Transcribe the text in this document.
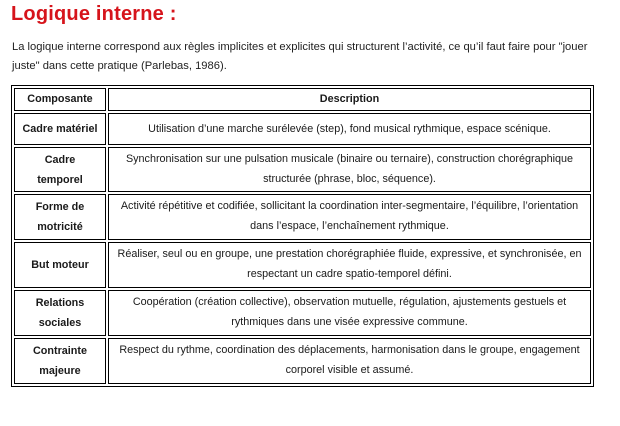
Logique interne :
La logique interne correspond aux règles implicites et explicites qui structurent l’activité, ce qu’il faut faire pour "jouer juste" dans cette pratique (Parlebas, 1986).
Composante	Description
Cadre matériel	Utilisation d’une marche surélevée (step), fond musical rythmique, espace scénique.
Cadre temporel	Synchronisation sur une pulsation musicale (binaire ou ternaire), construction chorégraphique structurée (phrase, bloc, séquence).
Forme de motricité	Activité répétitive et codifiée, sollicitant la coordination inter-segmentaire, l’équilibre, l’orientation dans l’espace, l’enchaînement rythmique.
But moteur	Réaliser, seul ou en groupe, une prestation chorégraphiée fluide, expressive, et synchronisée, en respectant un cadre spatio-temporel défini.
Relations sociales	Coopération (création collective), observation mutuelle, régulation, ajustements gestuels et rythmiques dans une visée expressive commune.
Contrainte majeure	Respect du rythme, coordination des déplacements, harmonisation dans le groupe, engagement corporel visible et assumé.
